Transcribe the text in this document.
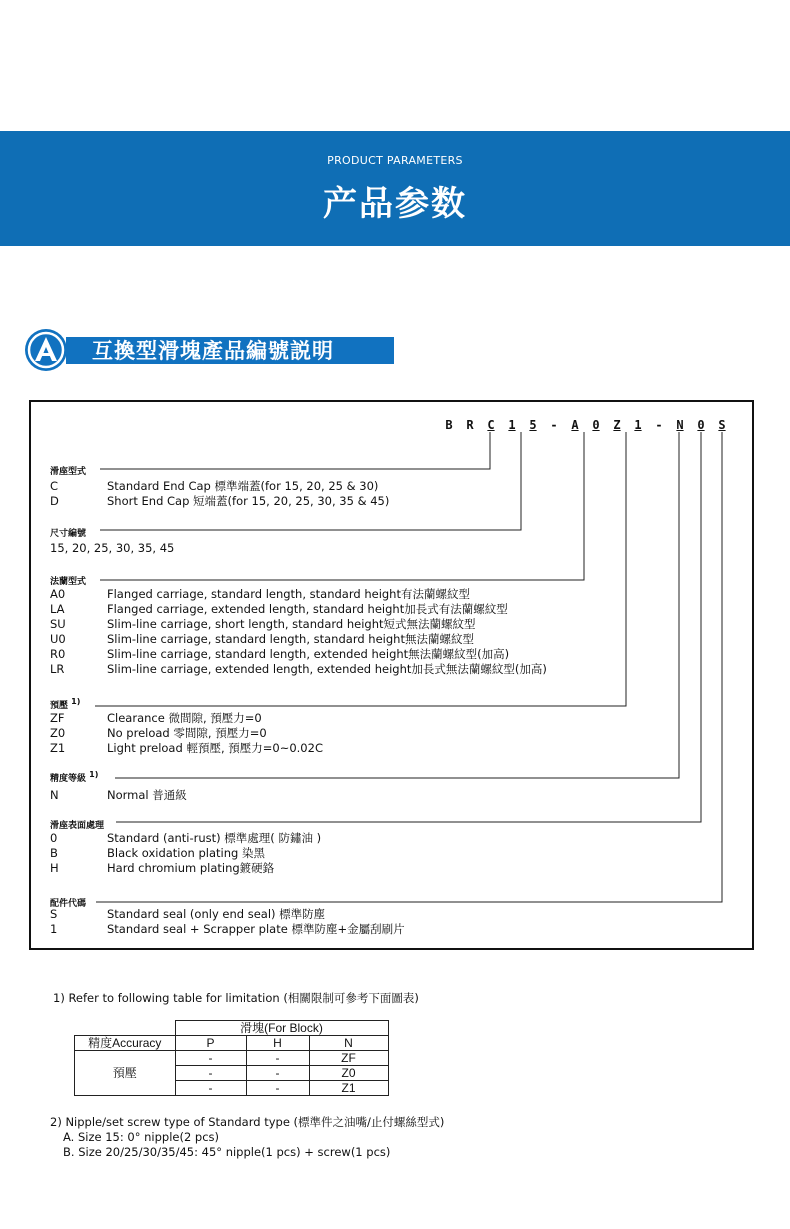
PRODUCT PARAMETERS
产品参数
互換型滑塊產品編號説明
B R C 1 5 - A 0 Z 1 - N 0 S
滑座型式
C	Standard End Cap 標準端蓋(for 15, 20, 25 & 30)
D	Short End Cap 短端蓋(for 15, 20, 25, 30, 35 & 45)
尺寸編號
15, 20, 25, 30, 35, 45
法蘭型式
A0	Flanged carriage, standard length, standard height有法蘭螺紋型
LA	Flanged carriage, extended length, standard height加長式有法蘭螺紋型
SU	Slim-line carriage, short length, standard height短式無法蘭螺紋型
U0	Slim-line carriage, standard length, standard height無法蘭螺紋型
R0	Slim-line carriage, standard length, extended height無法蘭螺紋型(加高)
LR	Slim-line carriage, extended length, extended height加長式無法蘭螺紋型(加高)
預壓 $^{1)}$
ZF	Clearance 微間隙, 預壓力=0
Z0	No preload 零間隙, 預壓力=0
Z1	Light preload 輕預壓, 預壓力=0~0.02C
精度等級 $^{1)}$
N	Normal 普通級
滑座表面處理
0	Standard (anti-rust) 標準處理( 防鏽油 )
B	Black oxidation plating 染黑
H	Hard chromium plating鍍硬鉻
配件代碼
S	Standard seal (only end seal) 標準防塵
1	Standard seal + Scrapper plate 標準防塵+金屬刮刷片
1) Refer to following table for limitation (相關限制可參考下面圖表)
	滑塊(For Block)		
精度Accuracy	P	H	N
預壓	-	-	ZF
	-	-	Z0
	-	-	Z1
2) Nipple/set screw type of Standard type (標準件之油嘴/止付螺絲型式)
A. Size 15: 0° nipple(2 pcs)
B. Size 20/25/30/35/45: 45° nipple(1 pcs) + screw(1 pcs)
